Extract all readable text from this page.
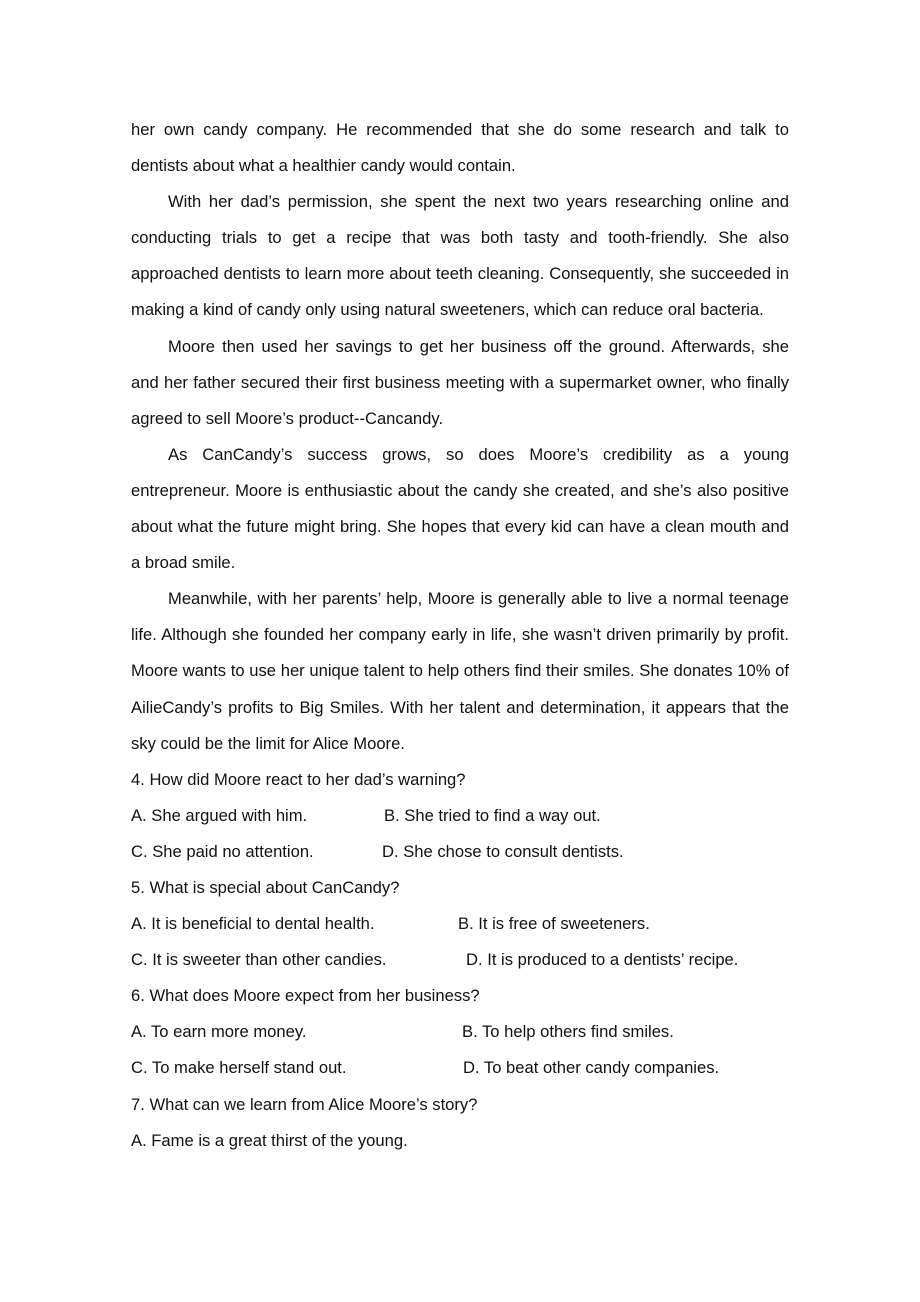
her own candy company. He recommended that she do some research and talk to dentists about what a healthier candy would contain.

With her dad’s permission, she spent the next two years researching online and conducting trials to get a recipe that was both tasty and tooth-friendly. She also approached dentists to learn more about teeth cleaning. Consequently, she succeeded in making a kind of candy only using natural sweeteners, which can reduce oral bacteria.

Moore then used her savings to get her business off the ground. Afterwards, she and her father secured their first business meeting with a supermarket owner, who finally agreed to sell Moore’s product--Cancandy.

As CanCandy’s success grows, so does Moore’s credibility as a young entrepreneur. Moore is enthusiastic about the candy she created, and she’s also positive about what the future might bring. She hopes that every kid can have a clean mouth and a broad smile.

Meanwhile, with her parents’ help, Moore is generally able to live a normal teenage life. Although she founded her company early in life, she wasn’t driven primarily by profit. Moore wants to use her unique talent to help others find their smiles. She donates 10% of AilieCandy’s profits to Big Smiles. With her talent and determination, it appears that the sky could be the limit for Alice Moore.

4. How did Moore react to her dad’s warning?

A. She argued with him.	B. She tried to find a way out.
C. She paid no attention.	D. She chose to consult dentists.

5. What is special about CanCandy?

A. It is beneficial to dental health.	B. It is free of sweeteners.
C. It is sweeter than other candies.	D. It is produced to a dentists’ recipe.

6. What does Moore expect from her business?

A. To earn more money.	B. To help others find smiles.
C. To make herself stand out.	D. To beat other candy companies.

7. What can we learn from Alice Moore’s story?

A. Fame is a great thirst of the young.
